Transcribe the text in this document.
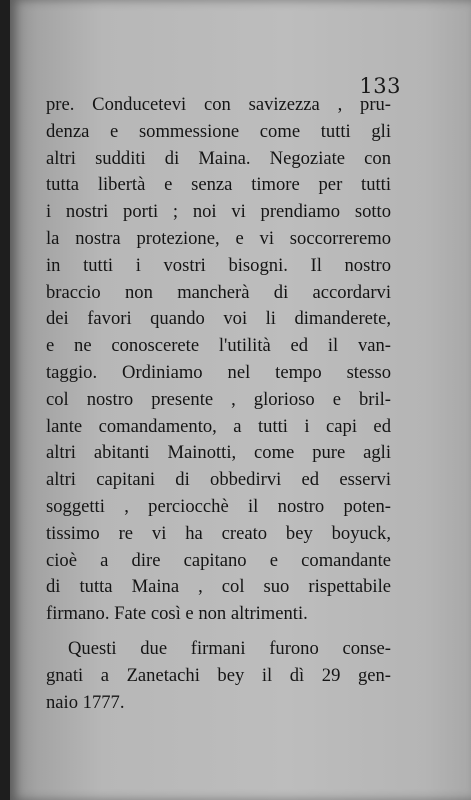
133
pre. Conducetevi con savizezza , pru-
denza e sommessione come tutti gli
altri sudditi di Maina. Negoziate con
tutta libertà e senza timore per tutti
i nostri porti ; noi vi prendiamo sotto
la nostra protezione, e vi soccorreremo
in tutti i vostri bisogni. Il nostro
braccio non mancherà di accordarvi
dei favori quando voi li dimanderete,
e ne conoscerete l'utilità ed il van-
taggio. Ordiniamo nel tempo stesso
col nostro presente , glorioso e bril-
lante comandamento, a tutti i capi ed
altri abitanti Mainotti, come pure agli
altri capitani di obbedirvi ed esservi
soggetti , perciocchè il nostro poten-
tissimo re vi ha creato bey boyuck,
cioè a dire capitano e comandante
di tutta Maina , col suo rispettabile
firmano. Fate così e non altrimenti.
Questi due firmani furono conse-
gnati a Zanetachi bey il dì 29 gen-
naio 1777.
